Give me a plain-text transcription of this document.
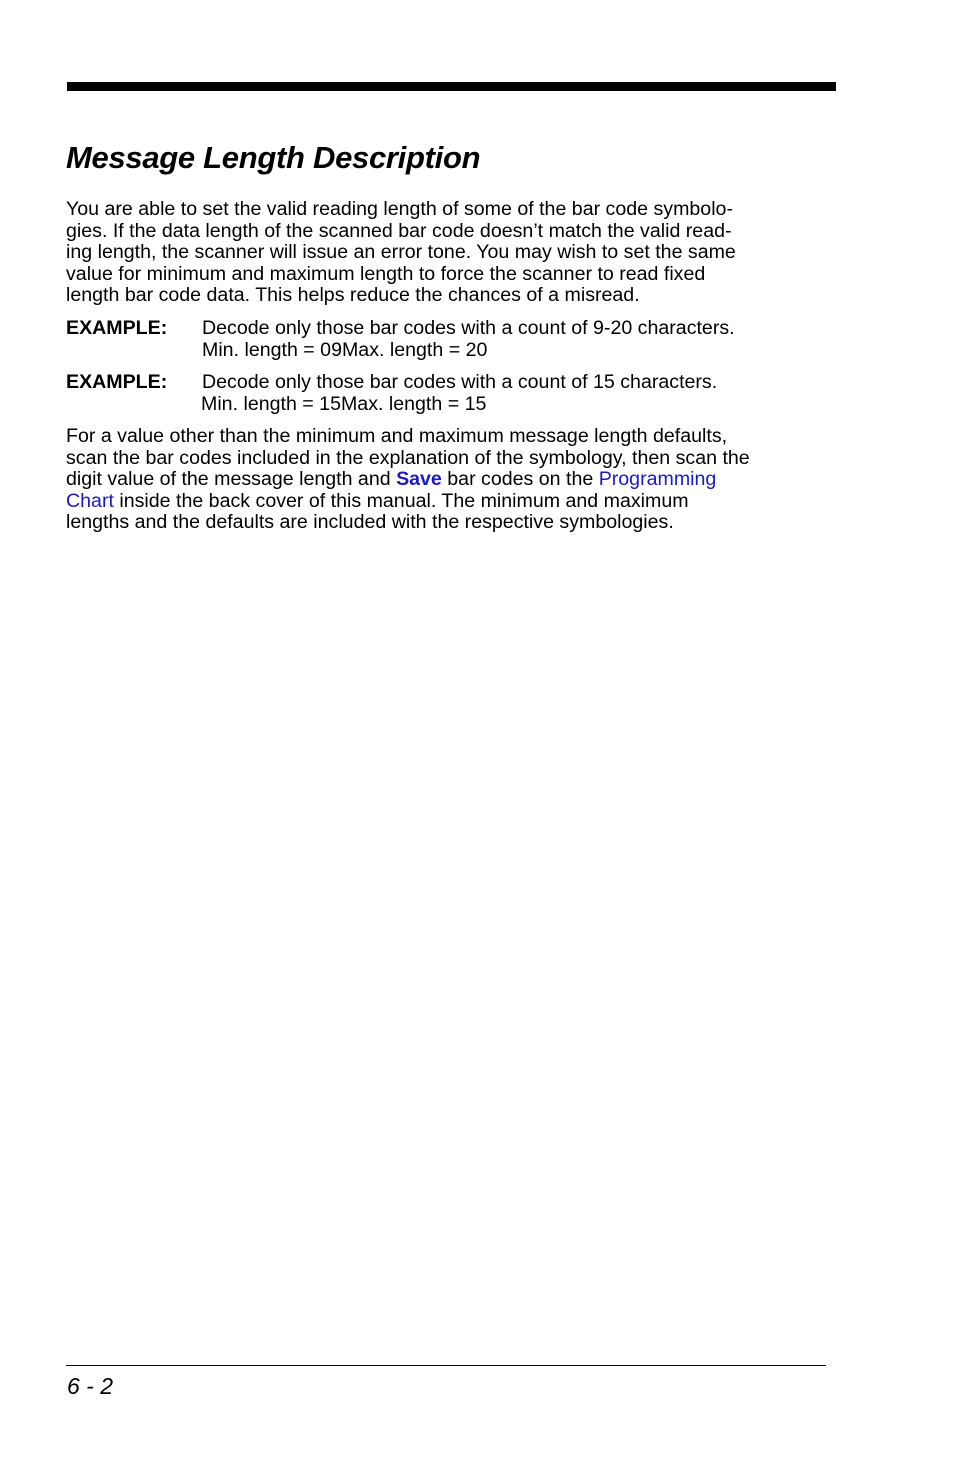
Message Length Description
You are able to set the valid reading length of some of the bar code symbolo-
gies. If the data length of the scanned bar code doesn’t match the valid read-
ing length, the scanner will issue an error tone. You may wish to set the same
value for minimum and maximum length to force the scanner to read fixed
length bar code data. This helps reduce the chances of a misread.
EXAMPLE: Decode only those bar codes with a count of 9-20 characters.
Min. length = 09Max. length = 20
EXAMPLE: Decode only those bar codes with a count of 15 characters.
Min. length = 15Max. length = 15
For a value other than the minimum and maximum message length defaults,
scan the bar codes included in the explanation of the symbology, then scan the
digit value of the message length and Save bar codes on the Programming
Chart inside the back cover of this manual. The minimum and maximum
lengths and the defaults are included with the respective symbologies.
6 - 2
